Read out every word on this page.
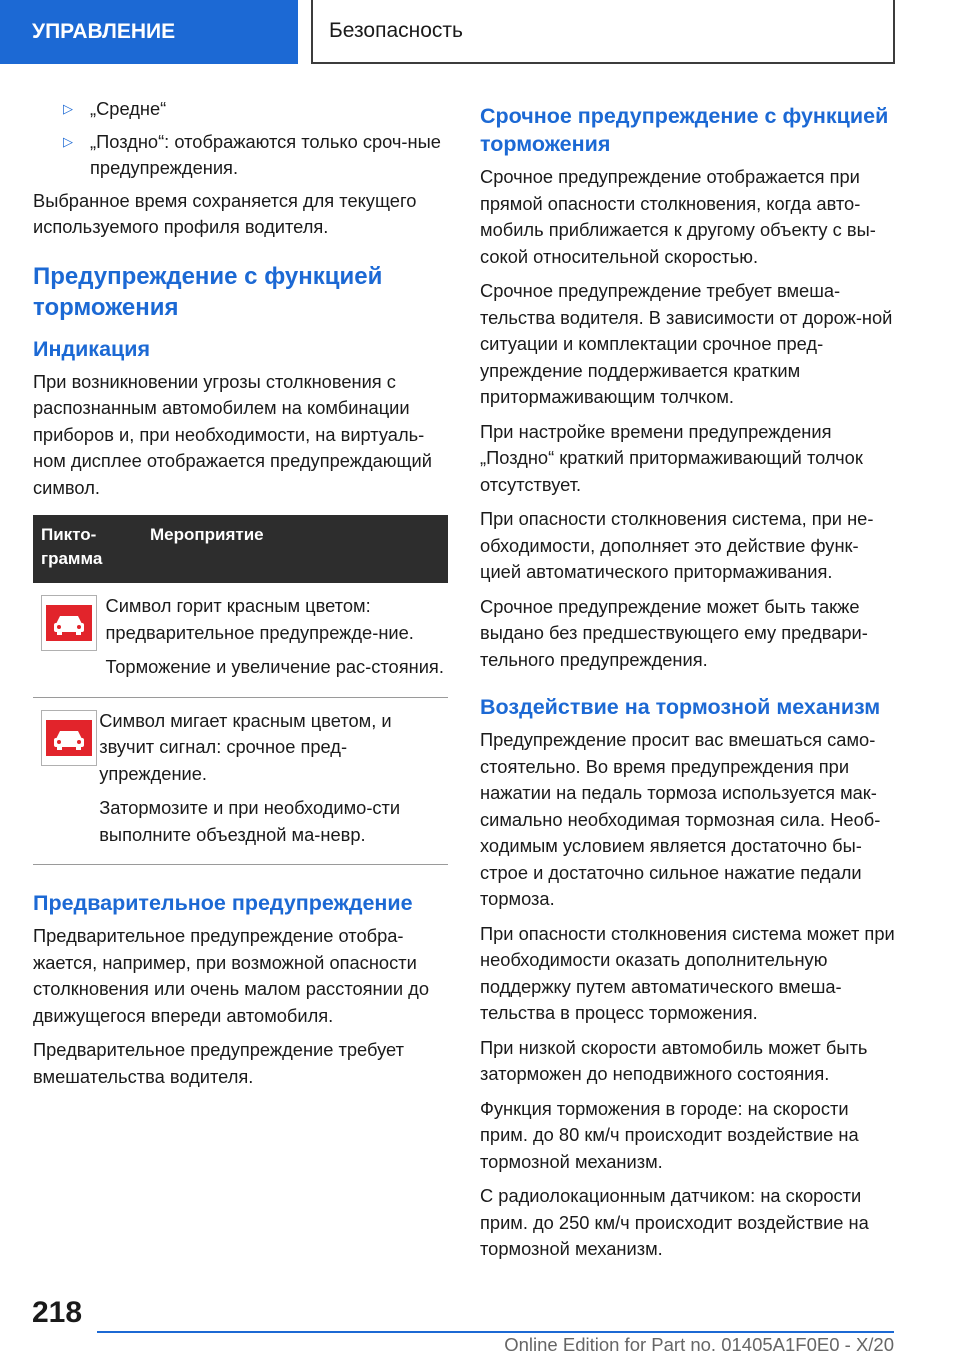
УПРАВЛЕНИЕ	Безопасность
▷ „Средне“
▷ „Поздно“: отображаются только сроч-ные предупреждения.

Выбранное время сохраняется для текущего используемого профиля водителя.

Предупреждение с функцией торможения
Индикация

При возникновении угрозы столкновения с распознанным автомобилем на комбинации приборов и, при необходимости, на виртуаль-ном дисплее отображается предупреждающий символ.

Пикто-грамма
Мероприятие

Символ горит красным цветом: предварительное предупрежде-ние.

Торможение и увеличение рас-стояния.

Символ мигает красным цветом, и звучит сигнал: срочное пред-упреждение.

Затормозите и при необходимо-сти выполните объездной ма-невр.

Предварительное предупреждение

Предварительное предупреждение отобра-жается, например, при возможной опасности столкновения или очень малом расстоянии до движущегося впереди автомобиля.

Предварительное предупреждение требует вмешательства водителя.

Срочное предупреждение с функцией торможения

Срочное предупреждение отображается при прямой опасности столкновения, когда авто-мобиль приближается к другому объекту с вы-сокой относительной скоростью.

Срочное предупреждение требует вмеша-тельства водителя. В зависимости от дорож-ной ситуации и комплектации срочное пред-упреждение поддерживается кратким притормаживающим толчком.

При настройке времени предупреждения „Поздно“ краткий притормаживающий толчок отсутствует.

При опасности столкновения система, при не-обходимости, дополняет это действие функ-цией автоматического притормаживания.

Срочное предупреждение может быть также выдано без предшествующего ему предвари-тельного предупреждения.

Воздействие на тормозной механизм

Предупреждение просит вас вмешаться само-стоятельно. Во время предупреждения при нажатии на педаль тормоза используется мак-симально необходимая тормозная сила. Необ-ходимым условием является достаточно бы-строе и достаточно сильное нажатие педали тормоза.

При опасности столкновения система может при необходимости оказать дополнительную поддержку путем автоматического вмеша-тельства в процесс торможения.

При низкой скорости автомобиль может быть заторможен до неподвижного состояния.

Функция торможения в городе: на скорости прим. до 80 км/ч происходит воздействие на тормозной механизм.

С радиолокационным датчиком: на скорости прим. до 250 км/ч происходит воздействие на тормозной механизм.

218
Online Edition for Part no. 01405A1F0E0 - X/20
